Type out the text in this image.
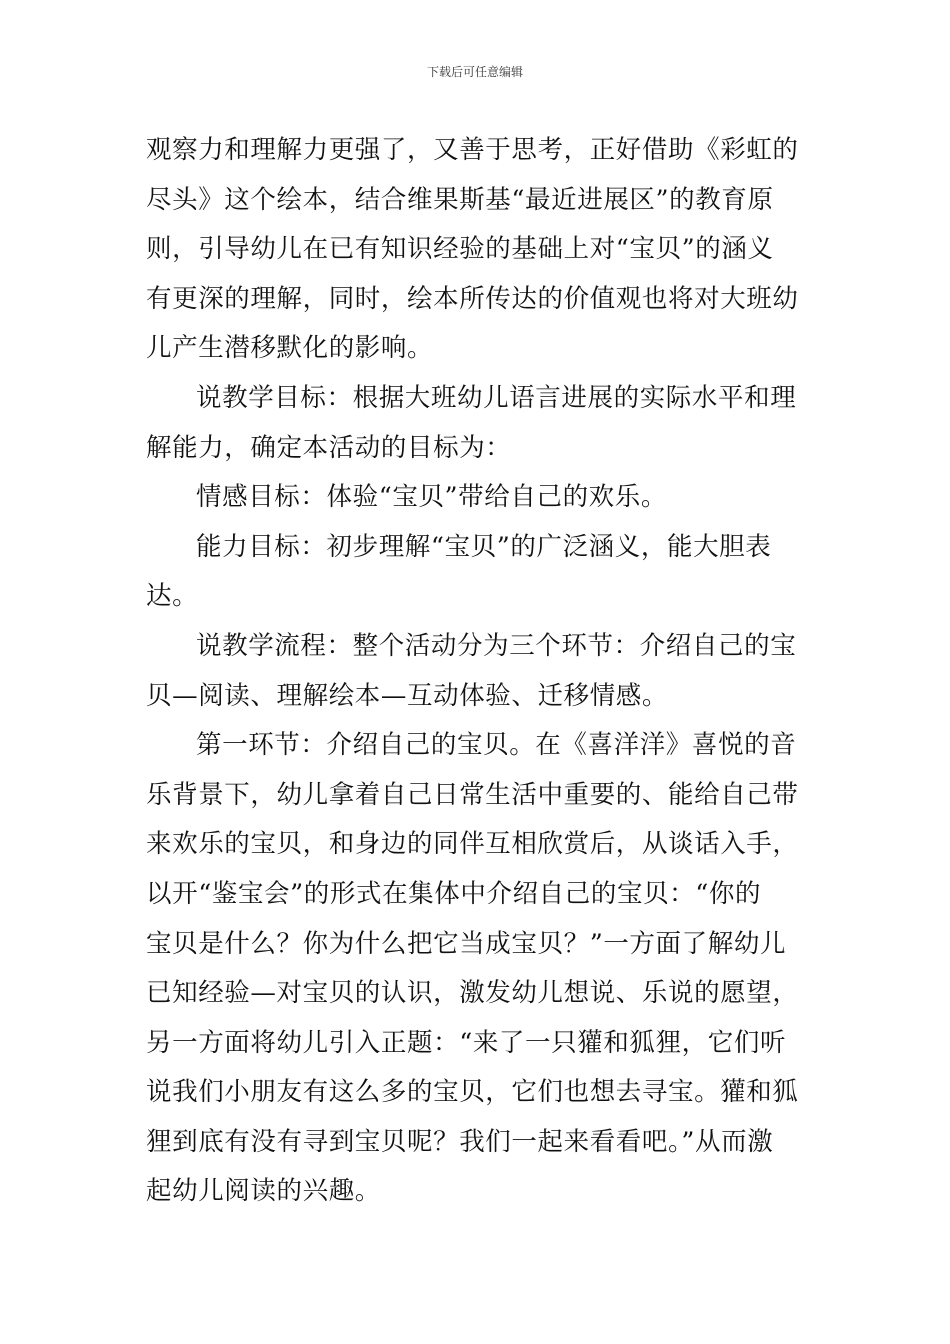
下载后可任意编辑
观察力和理解力更强了，又善于思考，正好借助《彩虹的
尽头》这个绘本，结合维果斯基“最近进展区”的教育原
则，引导幼儿在已有知识经验的基础上对“宝贝”的涵义
有更深的理解，同时，绘本所传达的价值观也将对大班幼
儿产生潜移默化的影响。
说教学目标：根据大班幼儿语言进展的实际水平和理
解能力，确定本活动的目标为：
情感目标：体验“宝贝”带给自己的欢乐。
能力目标：初步理解“宝贝”的广泛涵义，能大胆表
达。
说教学流程：整个活动分为三个环节：介绍自己的宝
贝—阅读、理解绘本—互动体验、迁移情感。
第一环节：介绍自己的宝贝。在《喜洋洋》喜悦的音
乐背景下，幼儿拿着自己日常生活中重要的、能给自己带
来欢乐的宝贝，和身边的同伴互相欣赏后，从谈话入手，
以开“鉴宝会”的形式在集体中介绍自己的宝贝：“你的
宝贝是什么？你为什么把它当成宝贝？”一方面了解幼儿
已知经验—对宝贝的认识，激发幼儿想说、乐说的愿望，
另一方面将幼儿引入正题：“来了一只獾和狐狸，它们听
说我们小朋友有这么多的宝贝，它们也想去寻宝。獾和狐
狸到底有没有寻到宝贝呢？我们一起来看看吧。”从而激
起幼儿阅读的兴趣。
